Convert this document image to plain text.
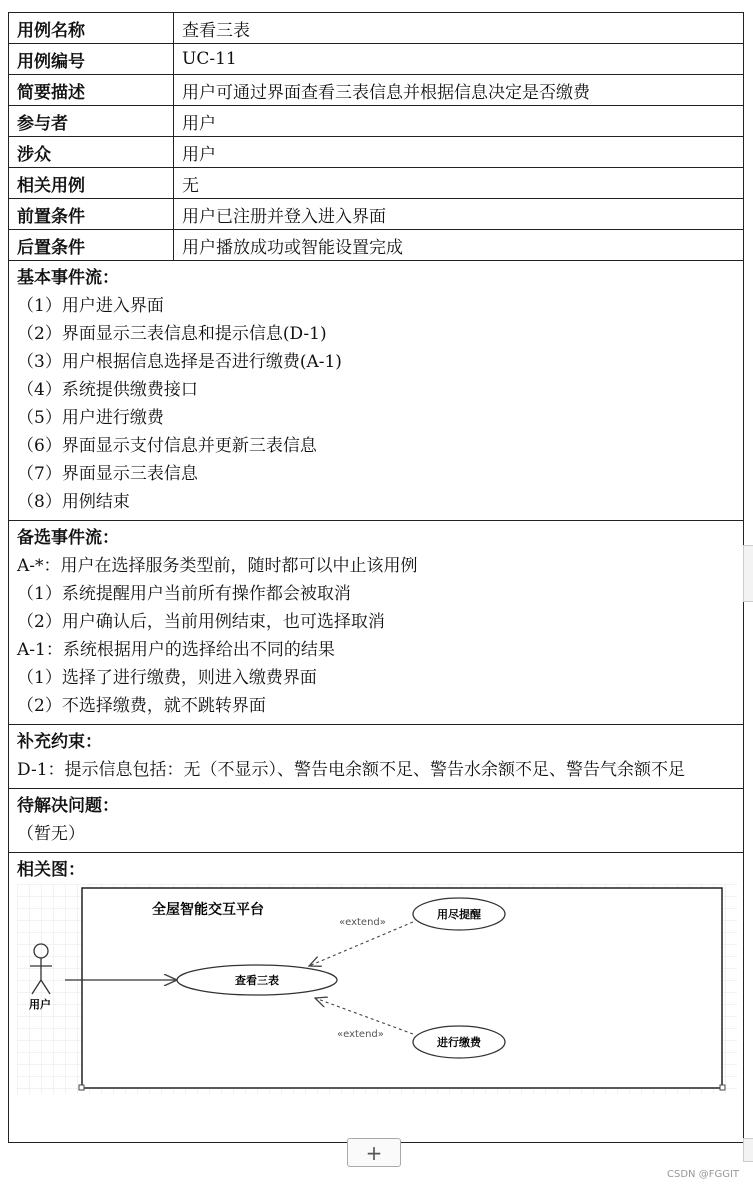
用例名称	查看三表
用例编号	UC-11
简要描述	用户可通过界面查看三表信息并根据信息决定是否缴费
参与者	用户
涉众	用户
相关用例	无
前置条件	用户已注册并登入进入界面
后置条件	用户播放成功或智能设置完成
基本事件流：
（1）用户进入界面
（2）界面显示三表信息和提示信息(D-1)
（3）用户根据信息选择是否进行缴费(A-1)
（4）系统提供缴费接口
（5）用户进行缴费
（6）界面显示支付信息并更新三表信息
（7）界面显示三表信息
（8）用例结束
备选事件流：
A-*：用户在选择服务类型前，随时都可以中止该用例
（1）系统提醒用户当前所有操作都会被取消
（2）用户确认后，当前用例结束，也可选择取消
A-1：系统根据用户的选择给出不同的结果
（1）选择了进行缴费，则进入缴费界面
（2）不选择缴费，就不跳转界面
补充约束：
D-1：提示信息包括：无（不显示）、警告电余额不足、警告水余额不足、警告气余额不足
待解决问题：
（暂无）
相关图：
全屋智能交互平台
用户
查看三表
用尽提醒
进行缴费
«extend»
«extend»
+
CSDN @FGGIT
